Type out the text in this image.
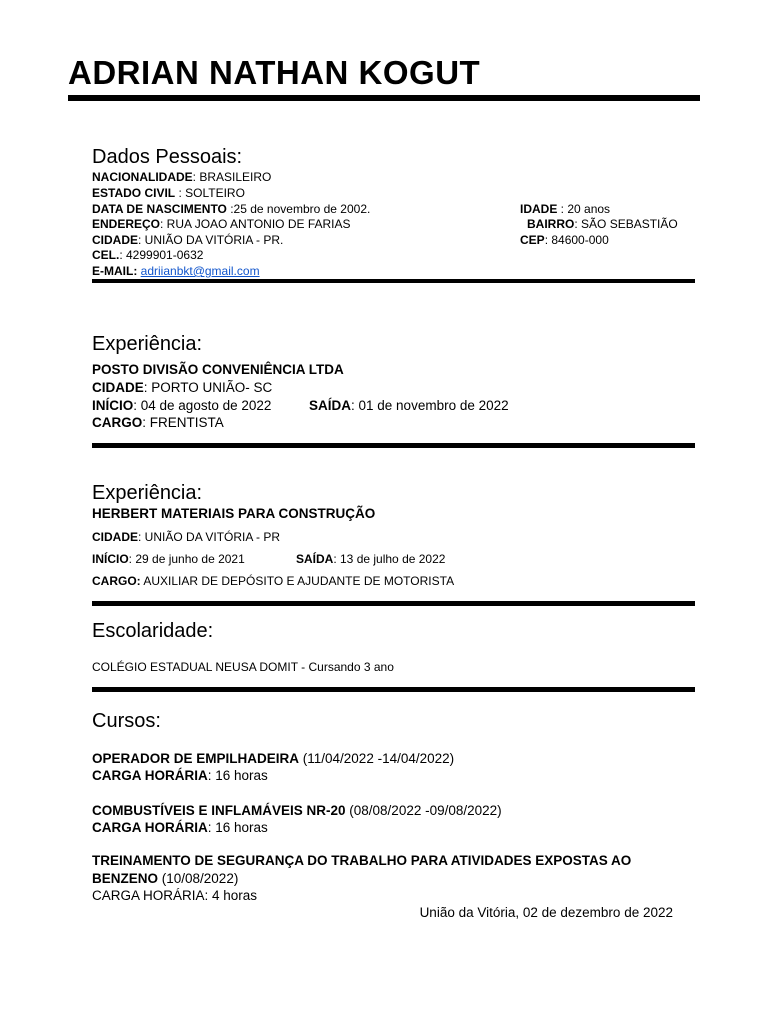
ADRIAN NATHAN KOGUT
Dados Pessoais:
NACIONALIDADE: BRASILEIRO
ESTADO CIVIL : SOLTEIRO
DATA DE NASCIMENTO :25 de novembro de 2002.	IDADE : 20 anos
ENDEREÇO: RUA JOAO ANTONIO DE FARIAS	BAIRRO: SÃO SEBASTIÃO
CIDADE: UNIÃO DA VITÓRIA - PR.	CEP: 84600-000
CEL.: 4299901-0632
E-MAIL: adriianbkt@gmail.com
Experiência:
POSTO DIVISÃO CONVENIÊNCIA LTDA
CIDADE: PORTO UNIÃO- SC
INÍCIO: 04 de agosto de 2022	SAÍDA: 01 de novembro de 2022
CARGO: FRENTISTA
Experiência:
HERBERT MATERIAIS PARA CONSTRUÇÃO
CIDADE: UNIÃO DA VITÓRIA - PR
INÍCIO: 29 de junho de 2021	SAÍDA: 13 de julho de 2022
CARGO: AUXILIAR DE DEPÓSITO E AJUDANTE DE MOTORISTA
Escolaridade:
COLÉGIO ESTADUAL NEUSA DOMIT - Cursando 3 ano
Cursos:
OPERADOR DE EMPILHADEIRA (11/04/2022 -14/04/2022)
CARGA HORÁRIA: 16 horas
COMBUSTÍVEIS E INFLAMÁVEIS NR-20 (08/08/2022 -09/08/2022)
CARGA HORÁRIA: 16 horas
TREINAMENTO DE SEGURANÇA DO TRABALHO PARA ATIVIDADES EXPOSTAS AO
BENZENO (10/08/2022)
CARGA HORÁRIA: 4 horas
União da Vitória, 02 de dezembro de 2022
